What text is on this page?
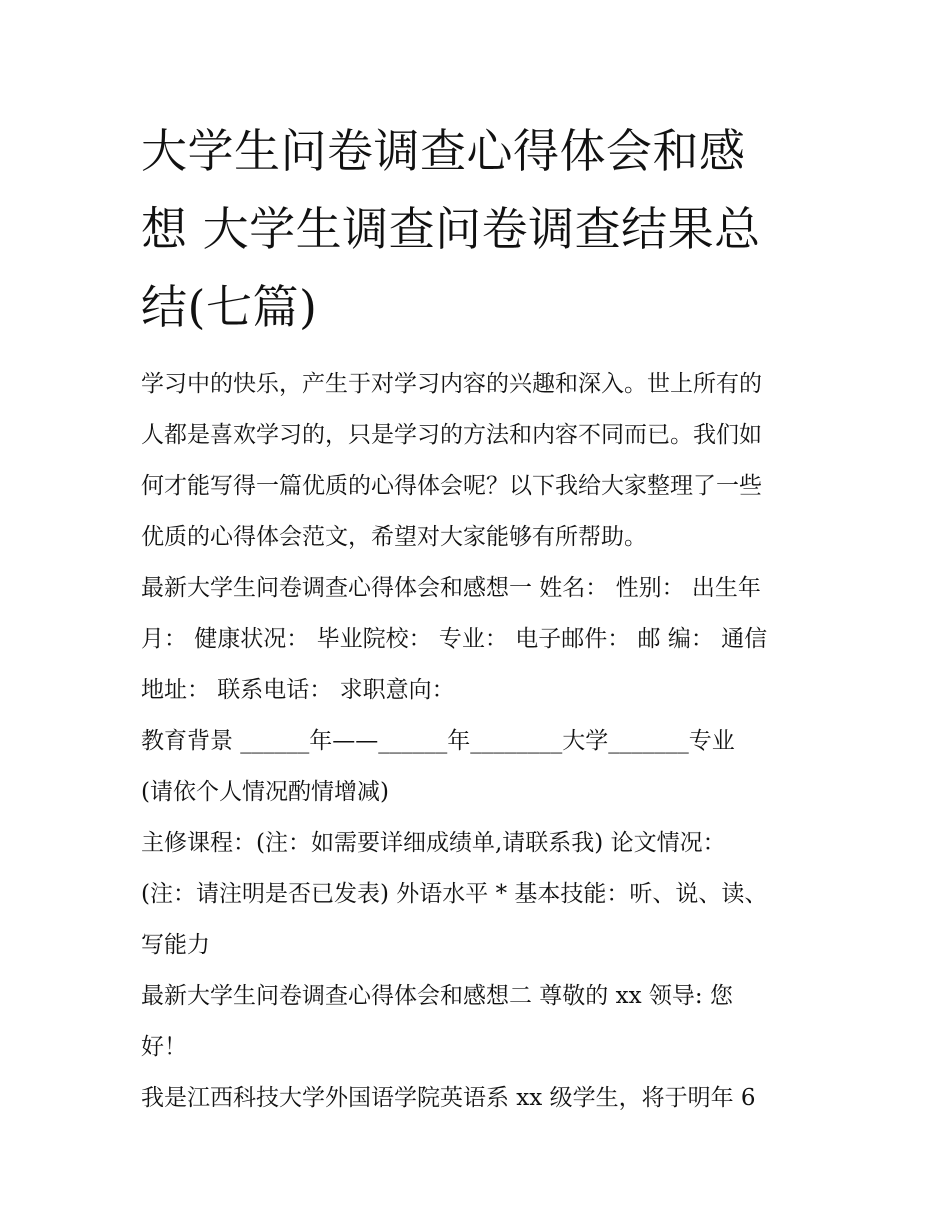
大学生问卷调查心得体会和感
想 大学生调查问卷调查结果总
结(七篇)

学习中的快乐，产生于对学习内容的兴趣和深入。世上所有的
人都是喜欢学习的，只是学习的方法和内容不同而已。我们如
何才能写得一篇优质的心得体会呢？以下我给大家整理了一些
优质的心得体会范文，希望对大家能够有所帮助。

最新大学生问卷调查心得体会和感想一 姓名： 性别： 出生年
月： 健康状况： 毕业院校： 专业： 电子邮件： 邮 编： 通信
地址： 联系电话： 求职意向：

教育背景 ______年——______年________大学_______专业

(请依个人情况酌情增减)

主修课程：(注：如需要详细成绩单,请联系我) 论文情况：

(注：请注明是否已发表) 外语水平 * 基本技能：听、说、读、
写能力

最新大学生问卷调查心得体会和感想二 尊敬的 xx 领导: 您
好！

我是江西科技大学外国语学院英语系 xx 级学生，将于明年 6
